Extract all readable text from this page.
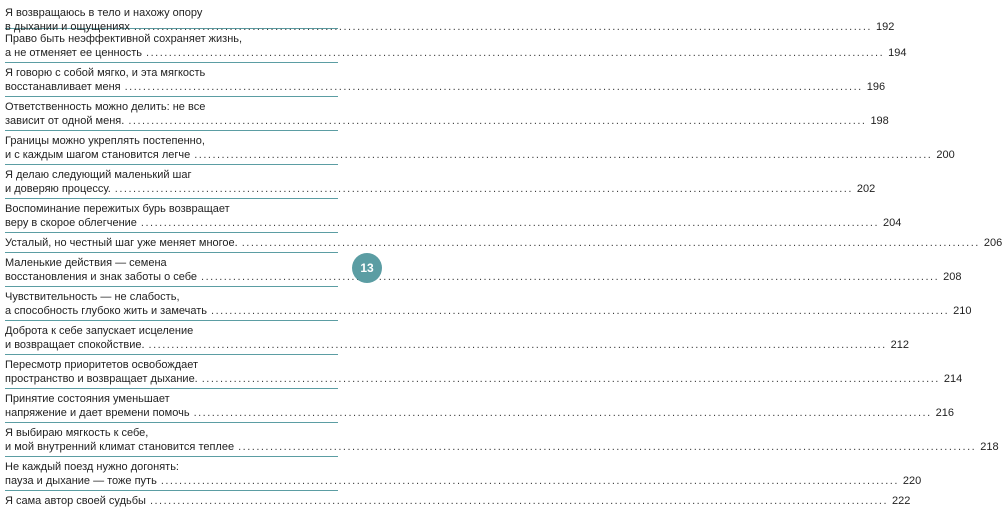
Я возвращаюсь в тело и нахожу опору
в дыхании и ощущениях .....	192
Право быть неэффективной сохраняет жизнь,
а не отменяет ее ценность .....	194
Я говорю с собой мягко, и эта мягкость
восстанавливает меня .....	196
Ответственность можно делить: не все
зависит от одной меня. .....	198
Границы можно укреплять постепенно,
и с каждым шагом становится легче .....	200
Я делаю следующий маленький шаг
и доверяю процессу. .....	202
Воспоминание пережитых бурь возвращает
веру в скорое облегчение .....	204
Усталый, но честный шаг уже меняет многое. .....	206
Маленькие действия — семена
восстановления и знак заботы о себе .....	208
Чувствительность — не слабость,
а способность глубоко жить и замечать .....	210
Доброта к себе запускает исцеление
и возвращает спокойствие. .....	212
Пересмотр приоритетов освобождает
пространство и возвращает дыхание. .....	214
Принятие состояния уменьшает
напряжение и дает времени помочь .....	216
Я выбираю мягкость к себе,
и мой внутренний климат становится теплее .....	218
Не каждый поезд нужно догонять:
пауза и дыхание — тоже путь .....	220
Я сама автор своей судьбы .....	222
13
